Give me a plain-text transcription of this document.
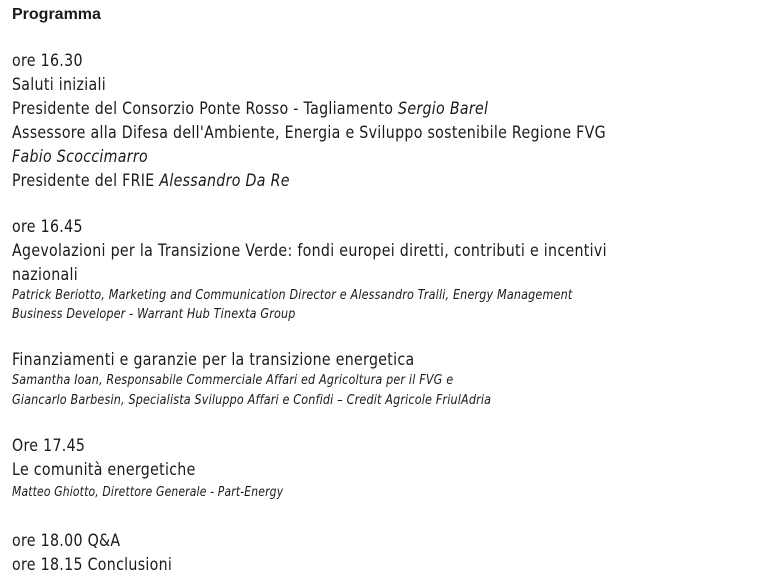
Programma
ore 16.30
Saluti iniziali
Presidente del Consorzio Ponte Rosso - Tagliamento Sergio Barel
Assessore alla Difesa dell'Ambiente, Energia e Sviluppo sostenibile Regione FVG
Fabio Scoccimarro
Presidente del FRIE Alessandro Da Re
ore 16.45
Agevolazioni per la Transizione Verde: fondi europei diretti, contributi e incentivi
nazionali
Patrick Beriotto, Marketing and Communication Director e Alessandro Tralli, Energy Management
Business Developer - Warrant Hub Tinexta Group
Finanziamenti e garanzie per la transizione energetica
Samantha Ioan, Responsabile Commerciale Affari ed Agricoltura per il FVG e
Giancarlo Barbesin, Specialista Sviluppo Affari e Confidi – Credit Agricole FriulAdria
Ore 17.45
Le comunità energetiche
Matteo Ghiotto, Direttore Generale - Part-Energy
ore 18.00 Q&A
ore 18.15 Conclusioni
